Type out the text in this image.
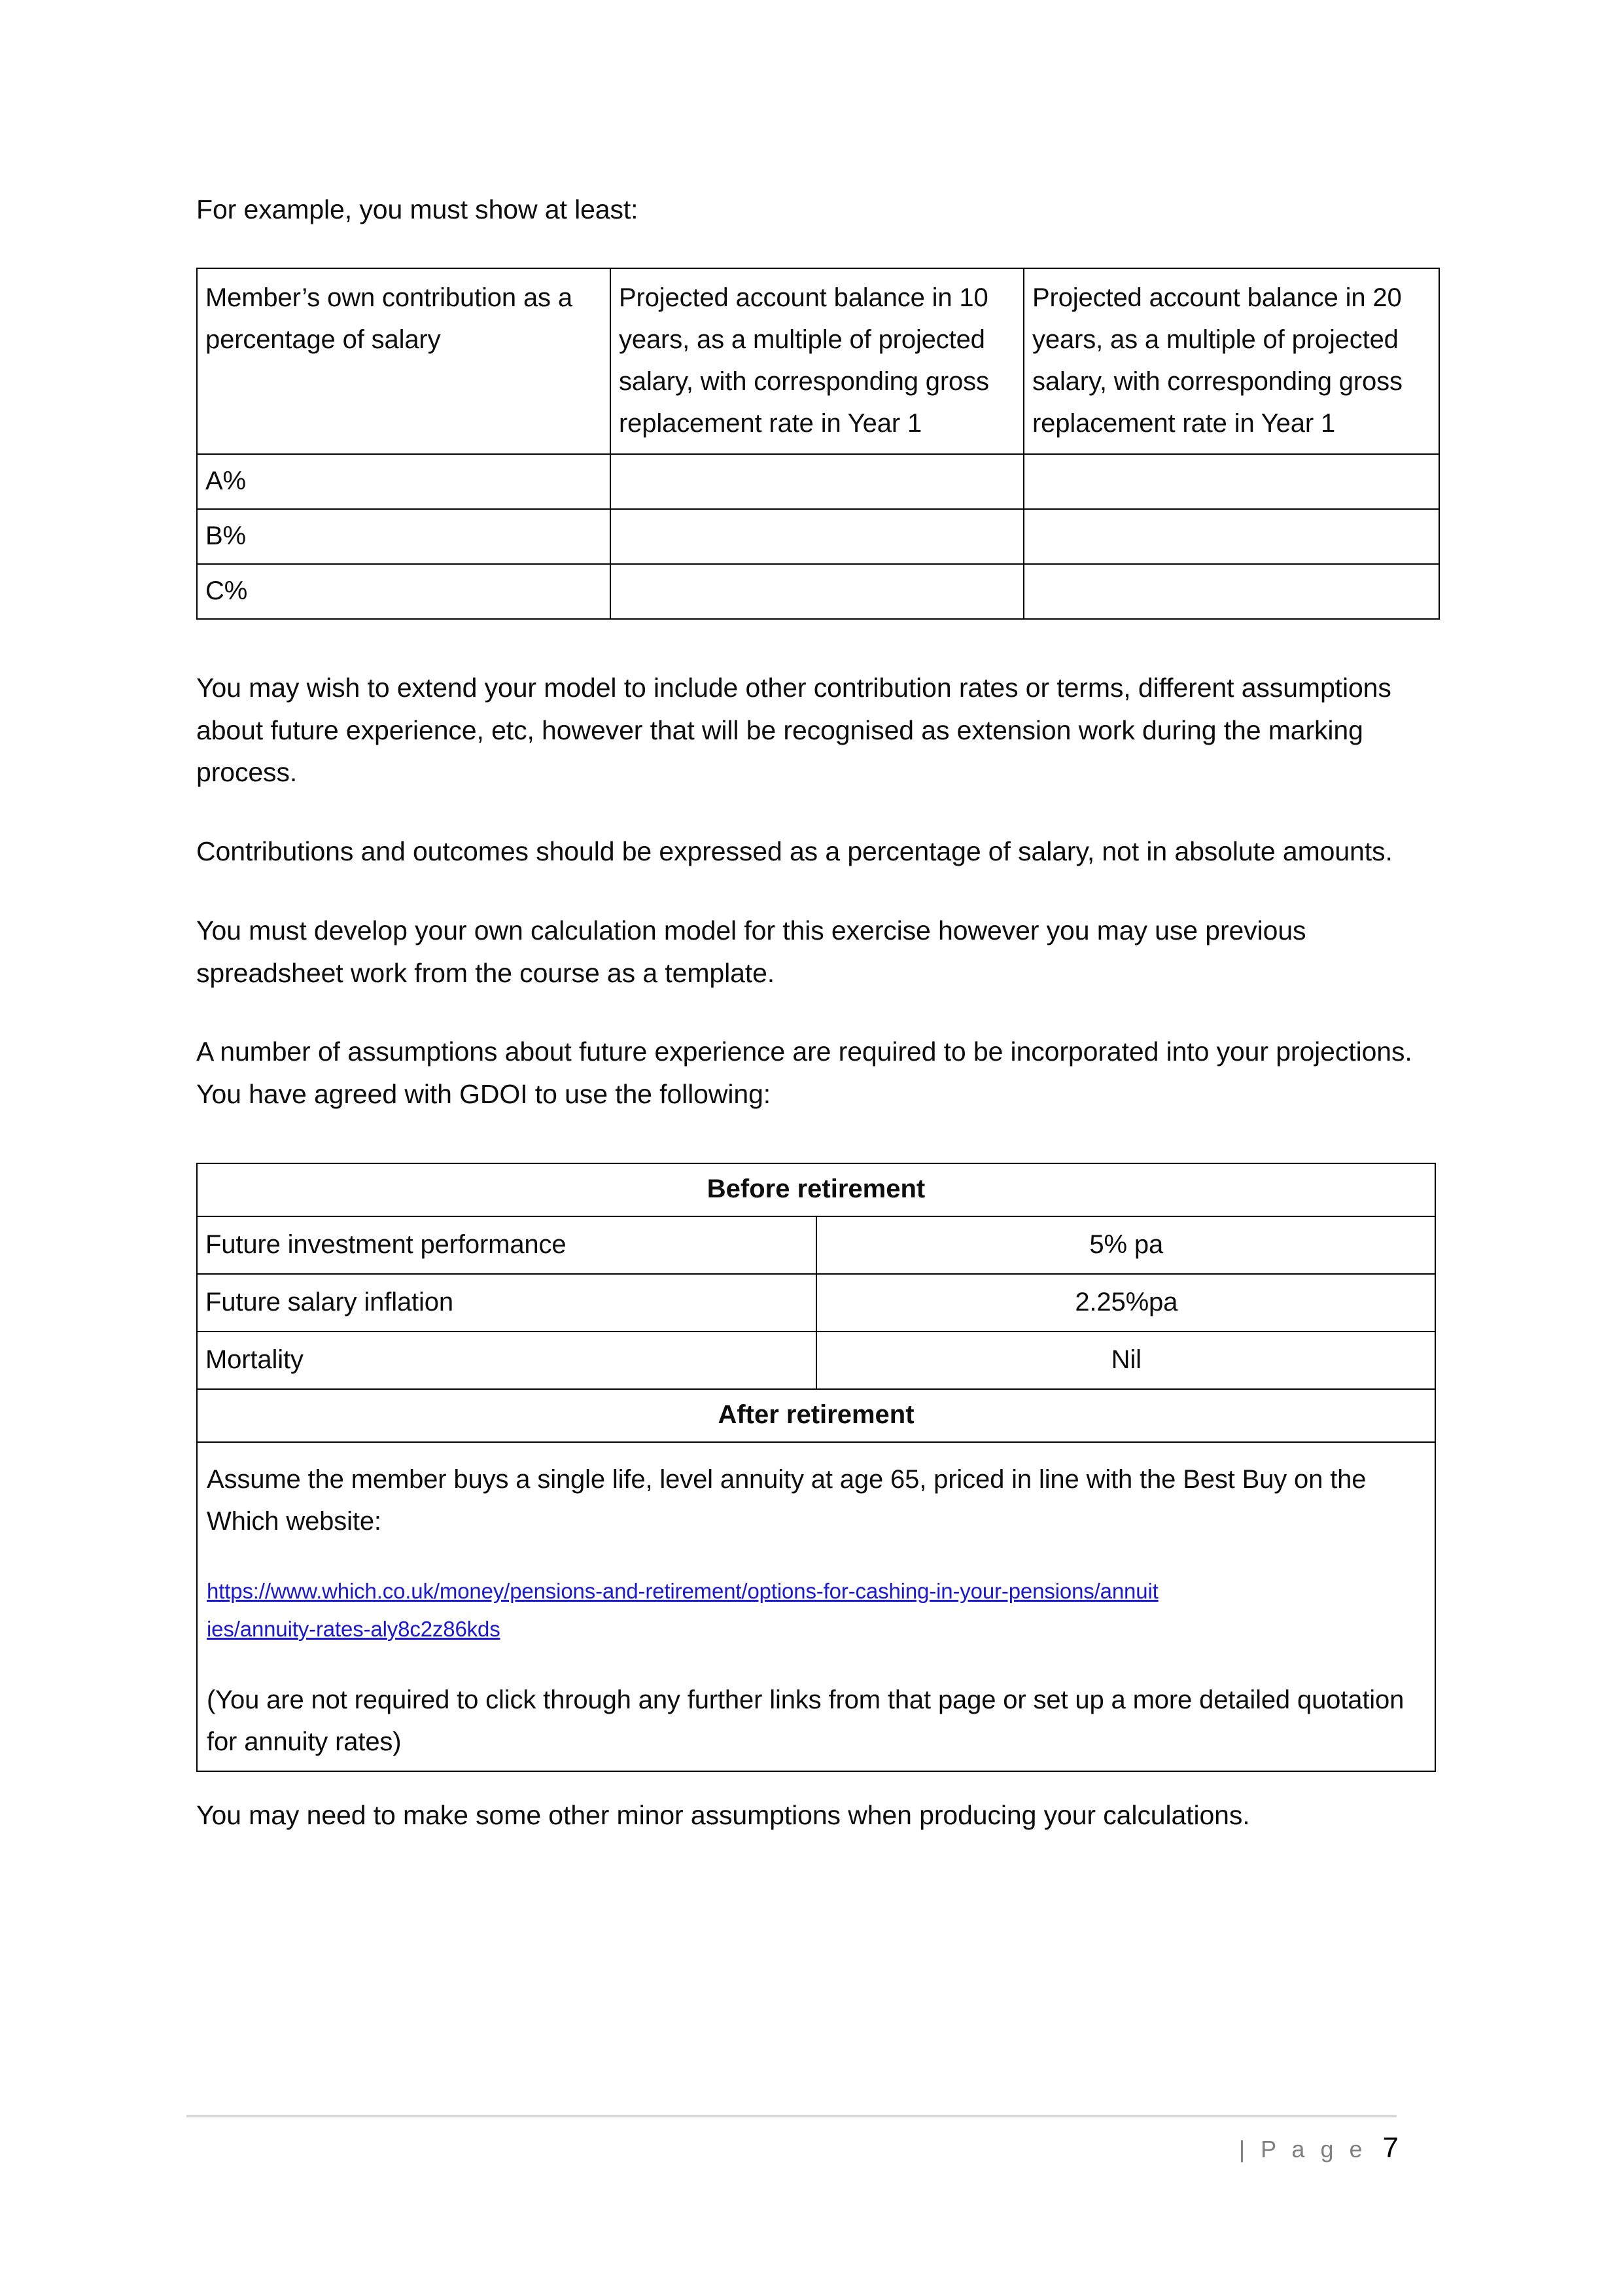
For example, you must show at least:

Member’s own contribution as a percentage of salary	Projected account balance in 10 years, as a multiple of projected salary, with corresponding gross replacement rate in Year 1	Projected account balance in 20 years, as a multiple of projected salary, with corresponding gross replacement rate in Year 1

A%		

B%		

C%		

You may wish to extend your model to include other contribution rates or terms, different assumptions about future experience, etc, however that will be recognised as extension work during the marking process.

Contributions and outcomes should be expressed as a percentage of salary, not in absolute amounts.

You must develop your own calculation model for this exercise however you may use previous spreadsheet work from the course as a template.

A number of assumptions about future experience are required to be incorporated into your projections. You have agreed with GDOI to use the following:

Before retirement	

Future investment performance	5% pa

Future salary inflation	2.25%pa

Mortality	Nil

After retirement	

Assume the member buys a single life, level annuity at age 65, priced in line with the Best Buy on the Which website:
https://www.which.co.uk/money/pensions-and-retirement/options-for-cashing-in-your-pensions/annuities/annuity-rates-aly8c2z86kds
(You are not required to click through any further links from that page or set up a more detailed quotation for annuity rates)	

You may need to make some other minor assumptions when producing your calculations.

| P a g e 7
